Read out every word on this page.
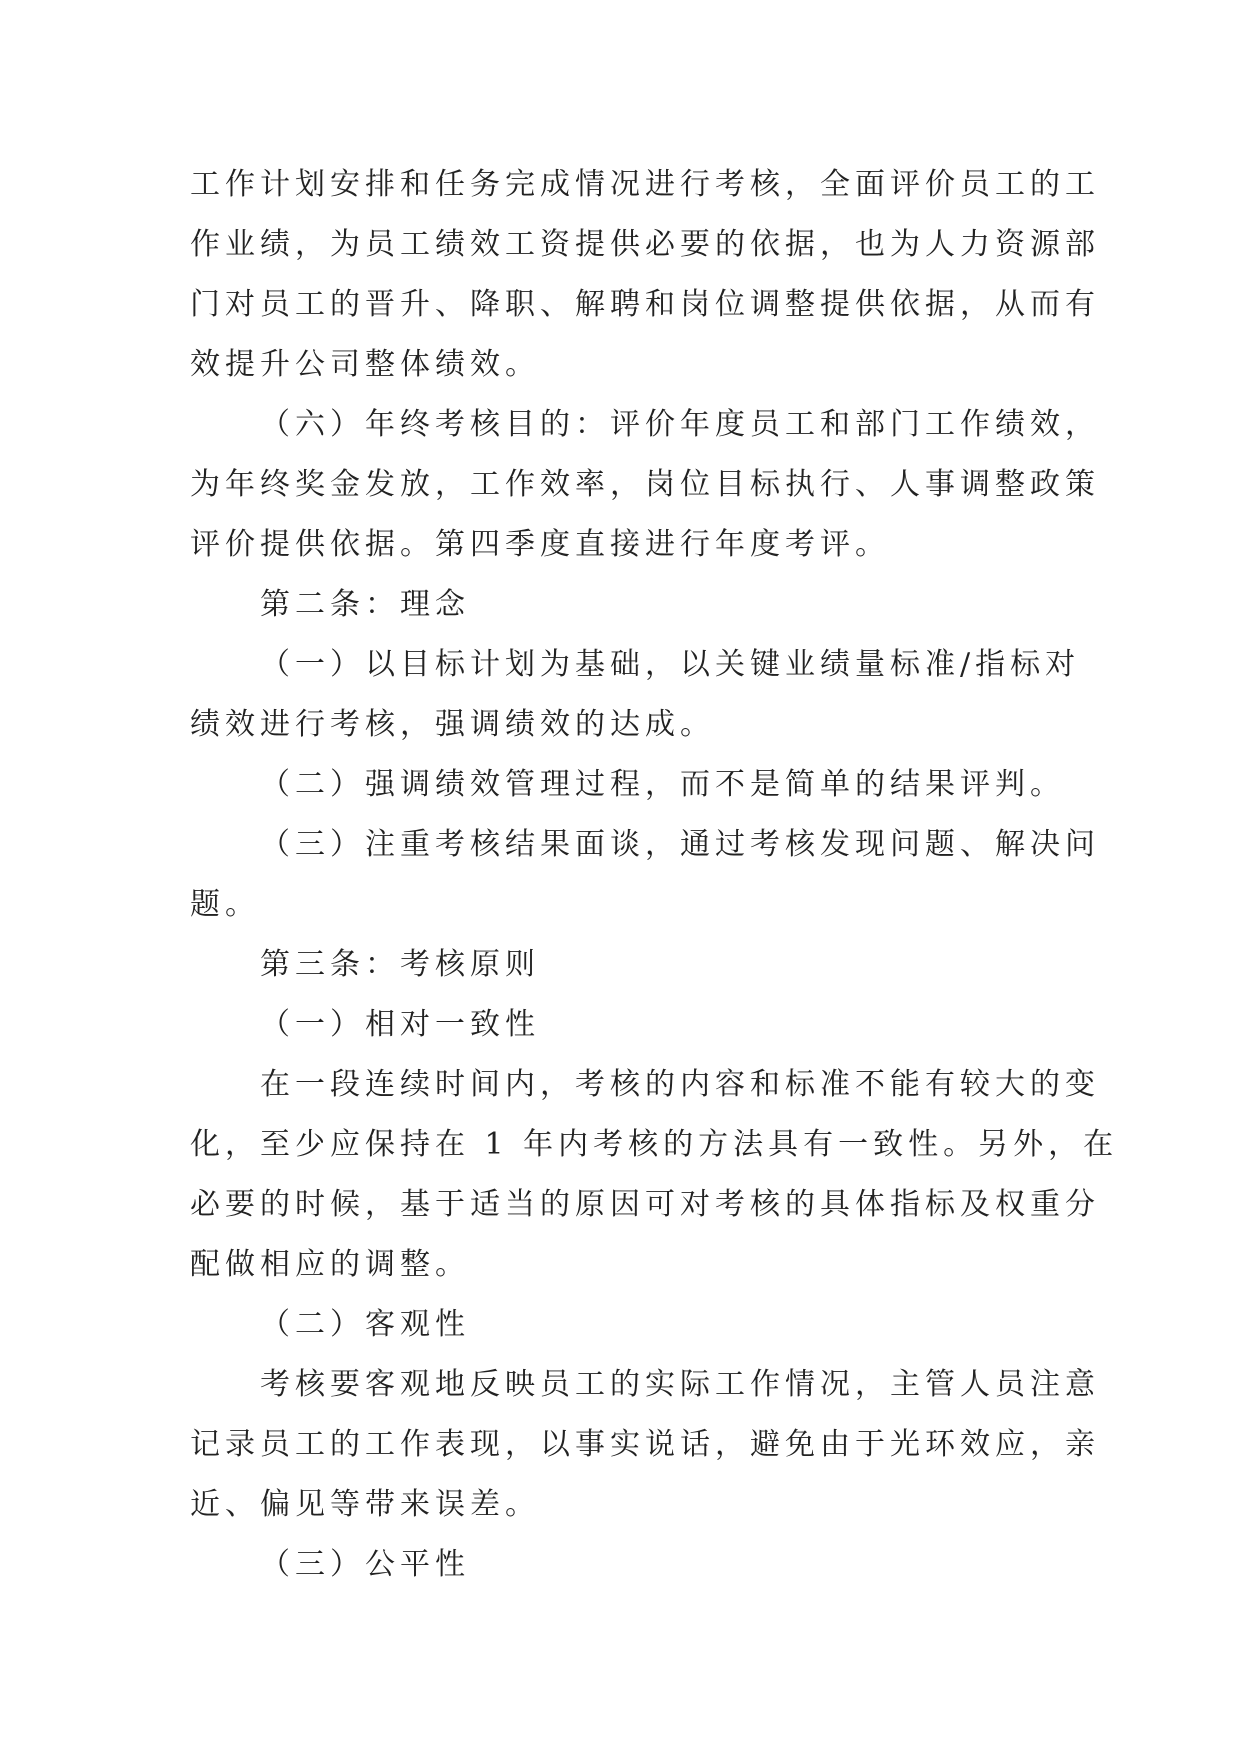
工作计划安排和任务完成情况进行考核，全面评价员工的工
作业绩，为员工绩效工资提供必要的依据，也为人力资源部
门对员工的晋升、降职、解聘和岗位调整提供依据，从而有
效提升公司整体绩效。
（六）年终考核目的：评价年度员工和部门工作绩效，
为年终奖金发放，工作效率，岗位目标执行、人事调整政策
评价提供依据。第四季度直接进行年度考评。
第二条：理念
（一）以目标计划为基础，以关键业绩量标准/指标对
绩效进行考核，强调绩效的达成。
（二）强调绩效管理过程，而不是简单的结果评判。
（三）注重考核结果面谈，通过考核发现问题、解决问
题。
第三条：考核原则
（一）相对一致性
在一段连续时间内，考核的内容和标准不能有较大的变
化，至少应保持在 1 年内考核的方法具有一致性。另外，在
必要的时候，基于适当的原因可对考核的具体指标及权重分
配做相应的调整。
（二）客观性
考核要客观地反映员工的实际工作情况，主管人员注意
记录员工的工作表现，以事实说话，避免由于光环效应，亲
近、偏见等带来误差。
（三）公平性
